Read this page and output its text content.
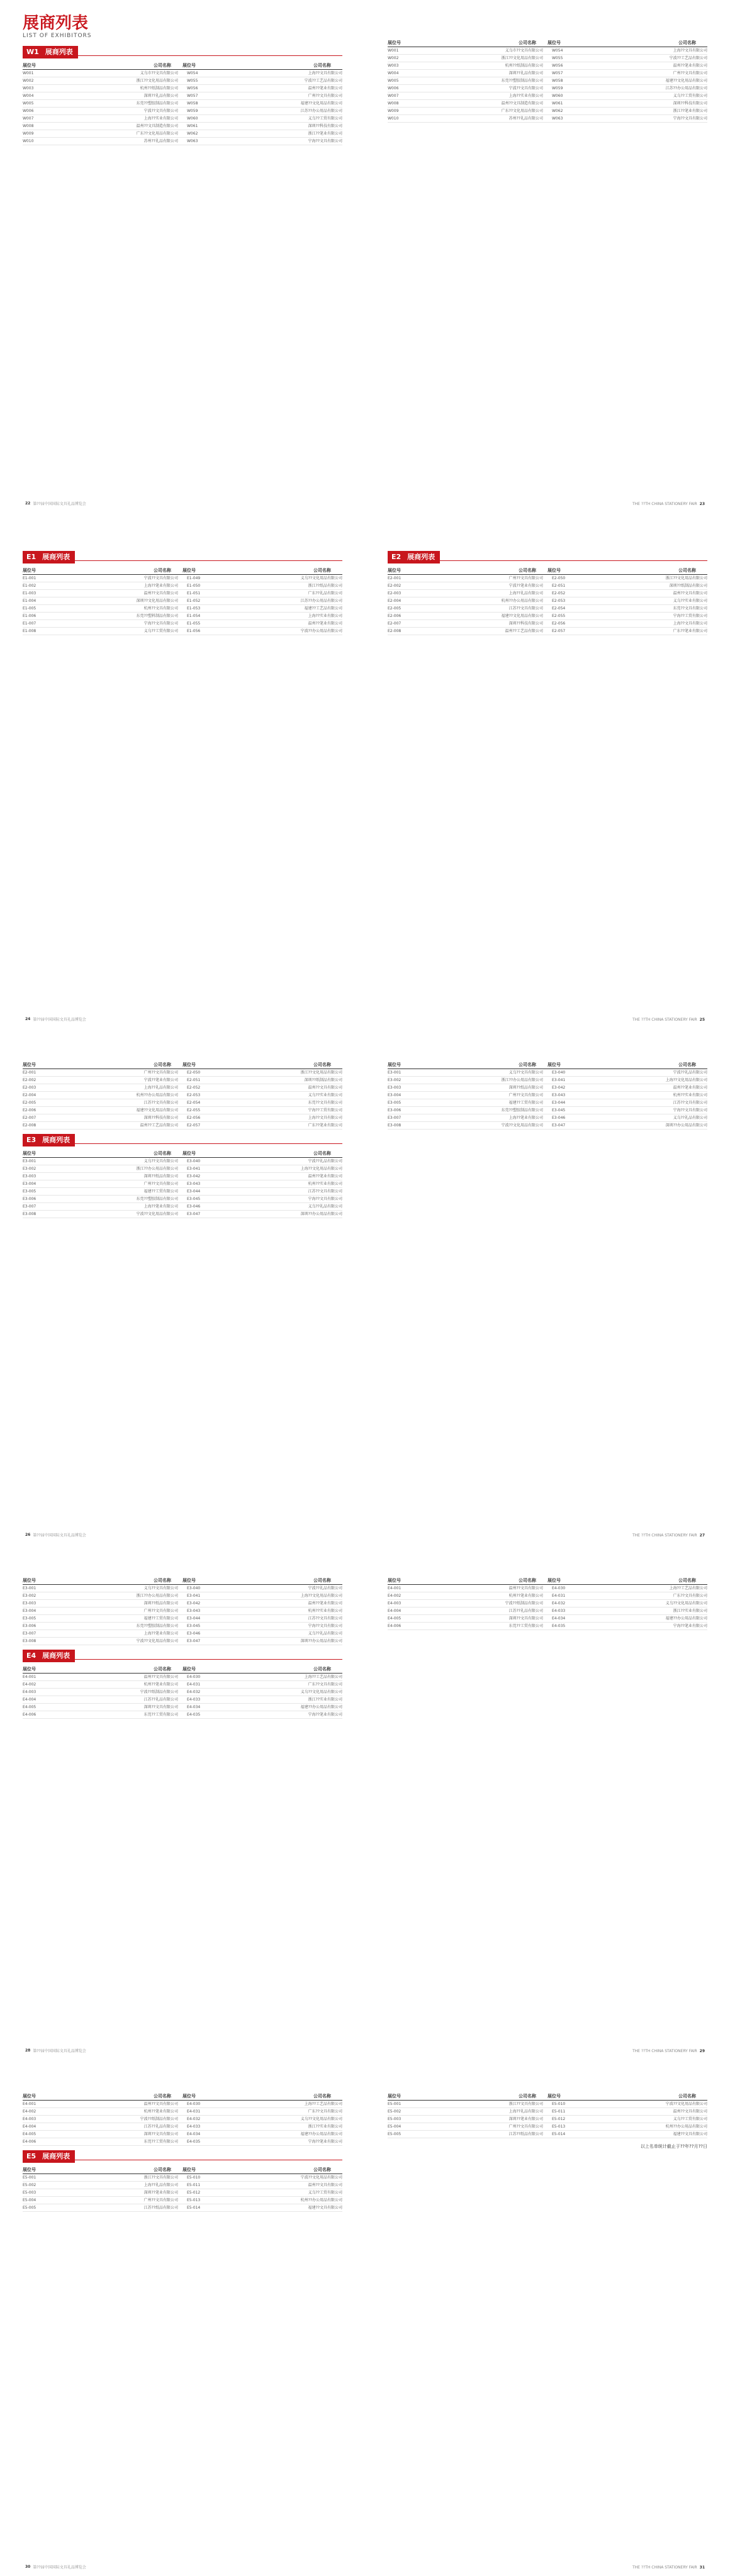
展商列表
LIST OF EXHIBITORS
W1 展商列表
展位号	公司名称	展位号	公司名称
W001	义乌市??文具有限公司	W054	上海??文具有限公司
W002	浙江??文化用品有限公司	W055	宁波??工艺品有限公司
W003	杭州??纸制品有限公司	W056	温州??笔业有限公司
W004	深圳??礼品有限公司	W057	广州??文具有限公司
W005	东莞??塑胶制品有限公司	W058	福建??文化用品有限公司
W006	宁波??文具有限公司	W059	江苏??办公用品有限公司
W007	上海??实业有限公司	W060	义乌??工贸有限公司
W008	温州??文具制造有限公司	W061	深圳??科技有限公司
W009	广东??文化用品有限公司	W062	浙江??笔业有限公司
W010	苏州??礼品有限公司	W063	宁海??文具有限公司
22 第??届中国国际文具礼品博览会
展位号	公司名称	展位号	公司名称
W001	义乌市??文具有限公司	W054	上海??文具有限公司
W002	浙江??文化用品有限公司	W055	宁波??工艺品有限公司
W003	杭州??纸制品有限公司	W056	温州??笔业有限公司
W004	深圳??礼品有限公司	W057	广州??文具有限公司
W005	东莞??塑胶制品有限公司	W058	福建??文化用品有限公司
W006	宁波??文具有限公司	W059	江苏??办公用品有限公司
W007	上海??实业有限公司	W060	义乌??工贸有限公司
W008	温州??文具制造有限公司	W061	深圳??科技有限公司
W009	广东??文化用品有限公司	W062	浙江??笔业有限公司
W010	苏州??礼品有限公司	W063	宁海??文具有限公司
THE ??TH CHINA STATIONERY FAIR 23
E1 展商列表
展位号	公司名称	展位号	公司名称
E1-001	宁波??文具有限公司	E1-049	义乌??文化用品有限公司
E1-002	上海??笔业有限公司	E1-050	浙江??纸品有限公司
E1-003	温州??文具有限公司	E1-051	广东??礼品有限公司
E1-004	深圳??文化用品有限公司	E1-052	江苏??办公用品有限公司
E1-005	杭州??文具有限公司	E1-053	福建??工艺品有限公司
E1-006	东莞??塑料制品有限公司	E1-054	上海??实业有限公司
E1-007	宁海??文具有限公司	E1-055	温州??笔业有限公司
E1-008	义乌??工贸有限公司	E1-056	宁波??办公用品有限公司
24 第??届中国国际文具礼品博览会
E2 展商列表
展位号	公司名称	展位号	公司名称
E2-001	广州??文具有限公司	E2-050	浙江??文化用品有限公司
E2-002	宁波??笔业有限公司	E2-051	深圳??纸制品有限公司
E2-003	上海??礼品有限公司	E2-052	温州??文具有限公司
E2-004	杭州??办公用品有限公司	E2-053	义乌??实业有限公司
E2-005	江苏??文具有限公司	E2-054	东莞??文具有限公司
E2-006	福建??文化用品有限公司	E2-055	宁海??工贸有限公司
E2-007	深圳??科技有限公司	E2-056	上海??文具有限公司
E2-008	温州??工艺品有限公司	E2-057	广东??笔业有限公司
THE ??TH CHINA STATIONERY FAIR 25
展位号	公司名称	展位号	公司名称
E2-001	广州??文具有限公司	E2-050	浙江??文化用品有限公司
E2-002	宁波??笔业有限公司	E2-051	深圳??纸制品有限公司
E2-003	上海??礼品有限公司	E2-052	温州??文具有限公司
E2-004	杭州??办公用品有限公司	E2-053	义乌??实业有限公司
E2-005	江苏??文具有限公司	E2-054	东莞??文具有限公司
E2-006	福建??文化用品有限公司	E2-055	宁海??工贸有限公司
E2-007	深圳??科技有限公司	E2-056	上海??文具有限公司
E2-008	温州??工艺品有限公司	E2-057	广东??笔业有限公司
E3 展商列表
展位号	公司名称	展位号	公司名称
E3-001	义乌??文具有限公司	E3-040	宁波??礼品有限公司
E3-002	浙江??办公用品有限公司	E3-041	上海??文化用品有限公司
E3-003	深圳??纸品有限公司	E3-042	温州??笔业有限公司
E3-004	广州??文具有限公司	E3-043	杭州??实业有限公司
E3-005	福建??工贸有限公司	E3-044	江苏??文具有限公司
E3-006	东莞??塑胶制品有限公司	E3-045	宁海??文具有限公司
E3-007	上海??笔业有限公司	E3-046	义乌??礼品有限公司
E3-008	宁波??文化用品有限公司	E3-047	深圳??办公用品有限公司
26 第??届中国国际文具礼品博览会
展位号	公司名称	展位号	公司名称
E3-001	义乌??文具有限公司	E3-040	宁波??礼品有限公司
E3-002	浙江??办公用品有限公司	E3-041	上海??文化用品有限公司
E3-003	深圳??纸品有限公司	E3-042	温州??笔业有限公司
E3-004	广州??文具有限公司	E3-043	杭州??实业有限公司
E3-005	福建??工贸有限公司	E3-044	江苏??文具有限公司
E3-006	东莞??塑胶制品有限公司	E3-045	宁海??文具有限公司
E3-007	上海??笔业有限公司	E3-046	义乌??礼品有限公司
E3-008	宁波??文化用品有限公司	E3-047	深圳??办公用品有限公司
THE ??TH CHINA STATIONERY FAIR 27
展位号	公司名称	展位号	公司名称
E3-001	义乌??文具有限公司	E3-040	宁波??礼品有限公司
E3-002	浙江??办公用品有限公司	E3-041	上海??文化用品有限公司
E3-003	深圳??纸品有限公司	E3-042	温州??笔业有限公司
E3-004	广州??文具有限公司	E3-043	杭州??实业有限公司
E3-005	福建??工贸有限公司	E3-044	江苏??文具有限公司
E3-006	东莞??塑胶制品有限公司	E3-045	宁海??文具有限公司
E3-007	上海??笔业有限公司	E3-046	义乌??礼品有限公司
E3-008	宁波??文化用品有限公司	E3-047	深圳??办公用品有限公司
E4 展商列表
展位号	公司名称	展位号	公司名称
E4-001	温州??文具有限公司	E4-030	上海??工艺品有限公司
E4-002	杭州??笔业有限公司	E4-031	广东??文具有限公司
E4-003	宁波??纸制品有限公司	E4-032	义乌??文化用品有限公司
E4-004	江苏??礼品有限公司	E4-033	浙江??实业有限公司
E4-005	深圳??文具有限公司	E4-034	福建??办公用品有限公司
E4-006	东莞??工贸有限公司	E4-035	宁海??笔业有限公司
28 第??届中国国际文具礼品博览会
展位号	公司名称	展位号	公司名称
E4-001	温州??文具有限公司	E4-030	上海??工艺品有限公司
E4-002	杭州??笔业有限公司	E4-031	广东??文具有限公司
E4-003	宁波??纸制品有限公司	E4-032	义乌??文化用品有限公司
E4-004	江苏??礼品有限公司	E4-033	浙江??实业有限公司
E4-005	深圳??文具有限公司	E4-034	福建??办公用品有限公司
E4-006	东莞??工贸有限公司	E4-035	宁海??笔业有限公司
THE ??TH CHINA STATIONERY FAIR 29
展位号	公司名称	展位号	公司名称
E4-001	温州??文具有限公司	E4-030	上海??工艺品有限公司
E4-002	杭州??笔业有限公司	E4-031	广东??文具有限公司
E4-003	宁波??纸制品有限公司	E4-032	义乌??文化用品有限公司
E4-004	江苏??礼品有限公司	E4-033	浙江??实业有限公司
E4-005	深圳??文具有限公司	E4-034	福建??办公用品有限公司
E4-006	东莞??工贸有限公司	E4-035	宁海??笔业有限公司
E5 展商列表
展位号	公司名称	展位号	公司名称
E5-001	浙江??文具有限公司	E5-010	宁波??文化用品有限公司
E5-002	上海??礼品有限公司	E5-011	温州??文具有限公司
E5-003	深圳??笔业有限公司	E5-012	义乌??工贸有限公司
E5-004	广州??文具有限公司	E5-013	杭州??办公用品有限公司
E5-005	江苏??纸品有限公司	E5-014	福建??文具有限公司
30 第??届中国国际文具礼品博览会
展位号	公司名称	展位号	公司名称
E5-001	浙江??文具有限公司	E5-010	宁波??文化用品有限公司
E5-002	上海??礼品有限公司	E5-011	温州??文具有限公司
E5-003	深圳??笔业有限公司	E5-012	义乌??工贸有限公司
E5-004	广州??文具有限公司	E5-013	杭州??办公用品有限公司
E5-005	江苏??纸品有限公司	E5-014	福建??文具有限公司
以上名单统计截止于??年??月??日
THE ??TH CHINA STATIONERY FAIR 31
